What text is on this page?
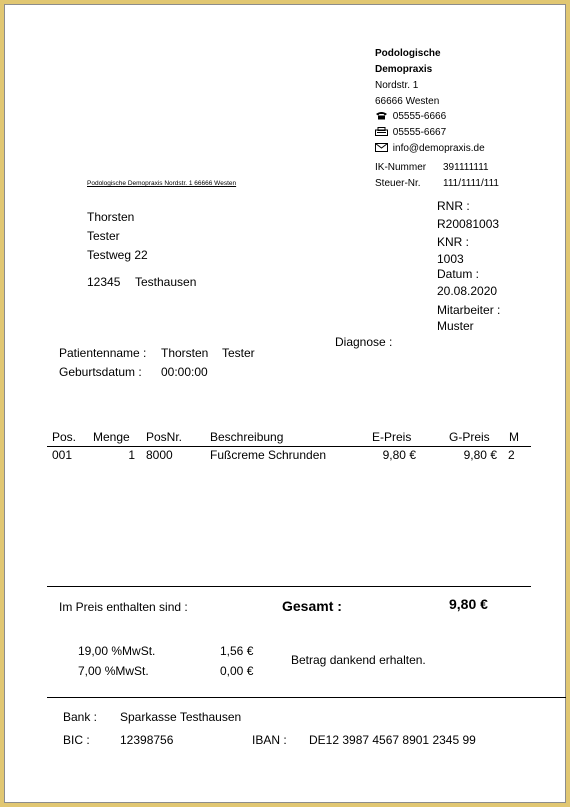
Podologische
Demopraxis
Nordstr. 1
66666 Westen
05555-6666
05555-6667
info@demopraxis.de
IK-Nummer 391111111
Steuer-Nr. 111/1111/111
Podologische Demopraxis Nordstr. 1 66666 Westen
Thorsten
Tester
Testweg 22
12345 Testhausen
RNR :
R20081003
KNR :
1003
Datum :
20.08.2020
Mitarbeiter :
Muster
Diagnose :
Patientenname : Thorsten Tester
Geburtsdatum : 00:00:00
Pos. Menge PosNr. Beschreibung	E-Preis	G-Preis M
001	1 8000	Fußcreme Schrunden	9,80 €	9,80 € 2
Im Preis enthalten sind :	Gesamt :	9,80 €
19,00 %MwSt.	1,56 €
7,00 %MwSt.	0,00 €
Betrag dankend erhalten.
Bank : Sparkasse Testhausen
BIC :	12398756	IBAN : DE12 3987 4567 8901 2345 99
